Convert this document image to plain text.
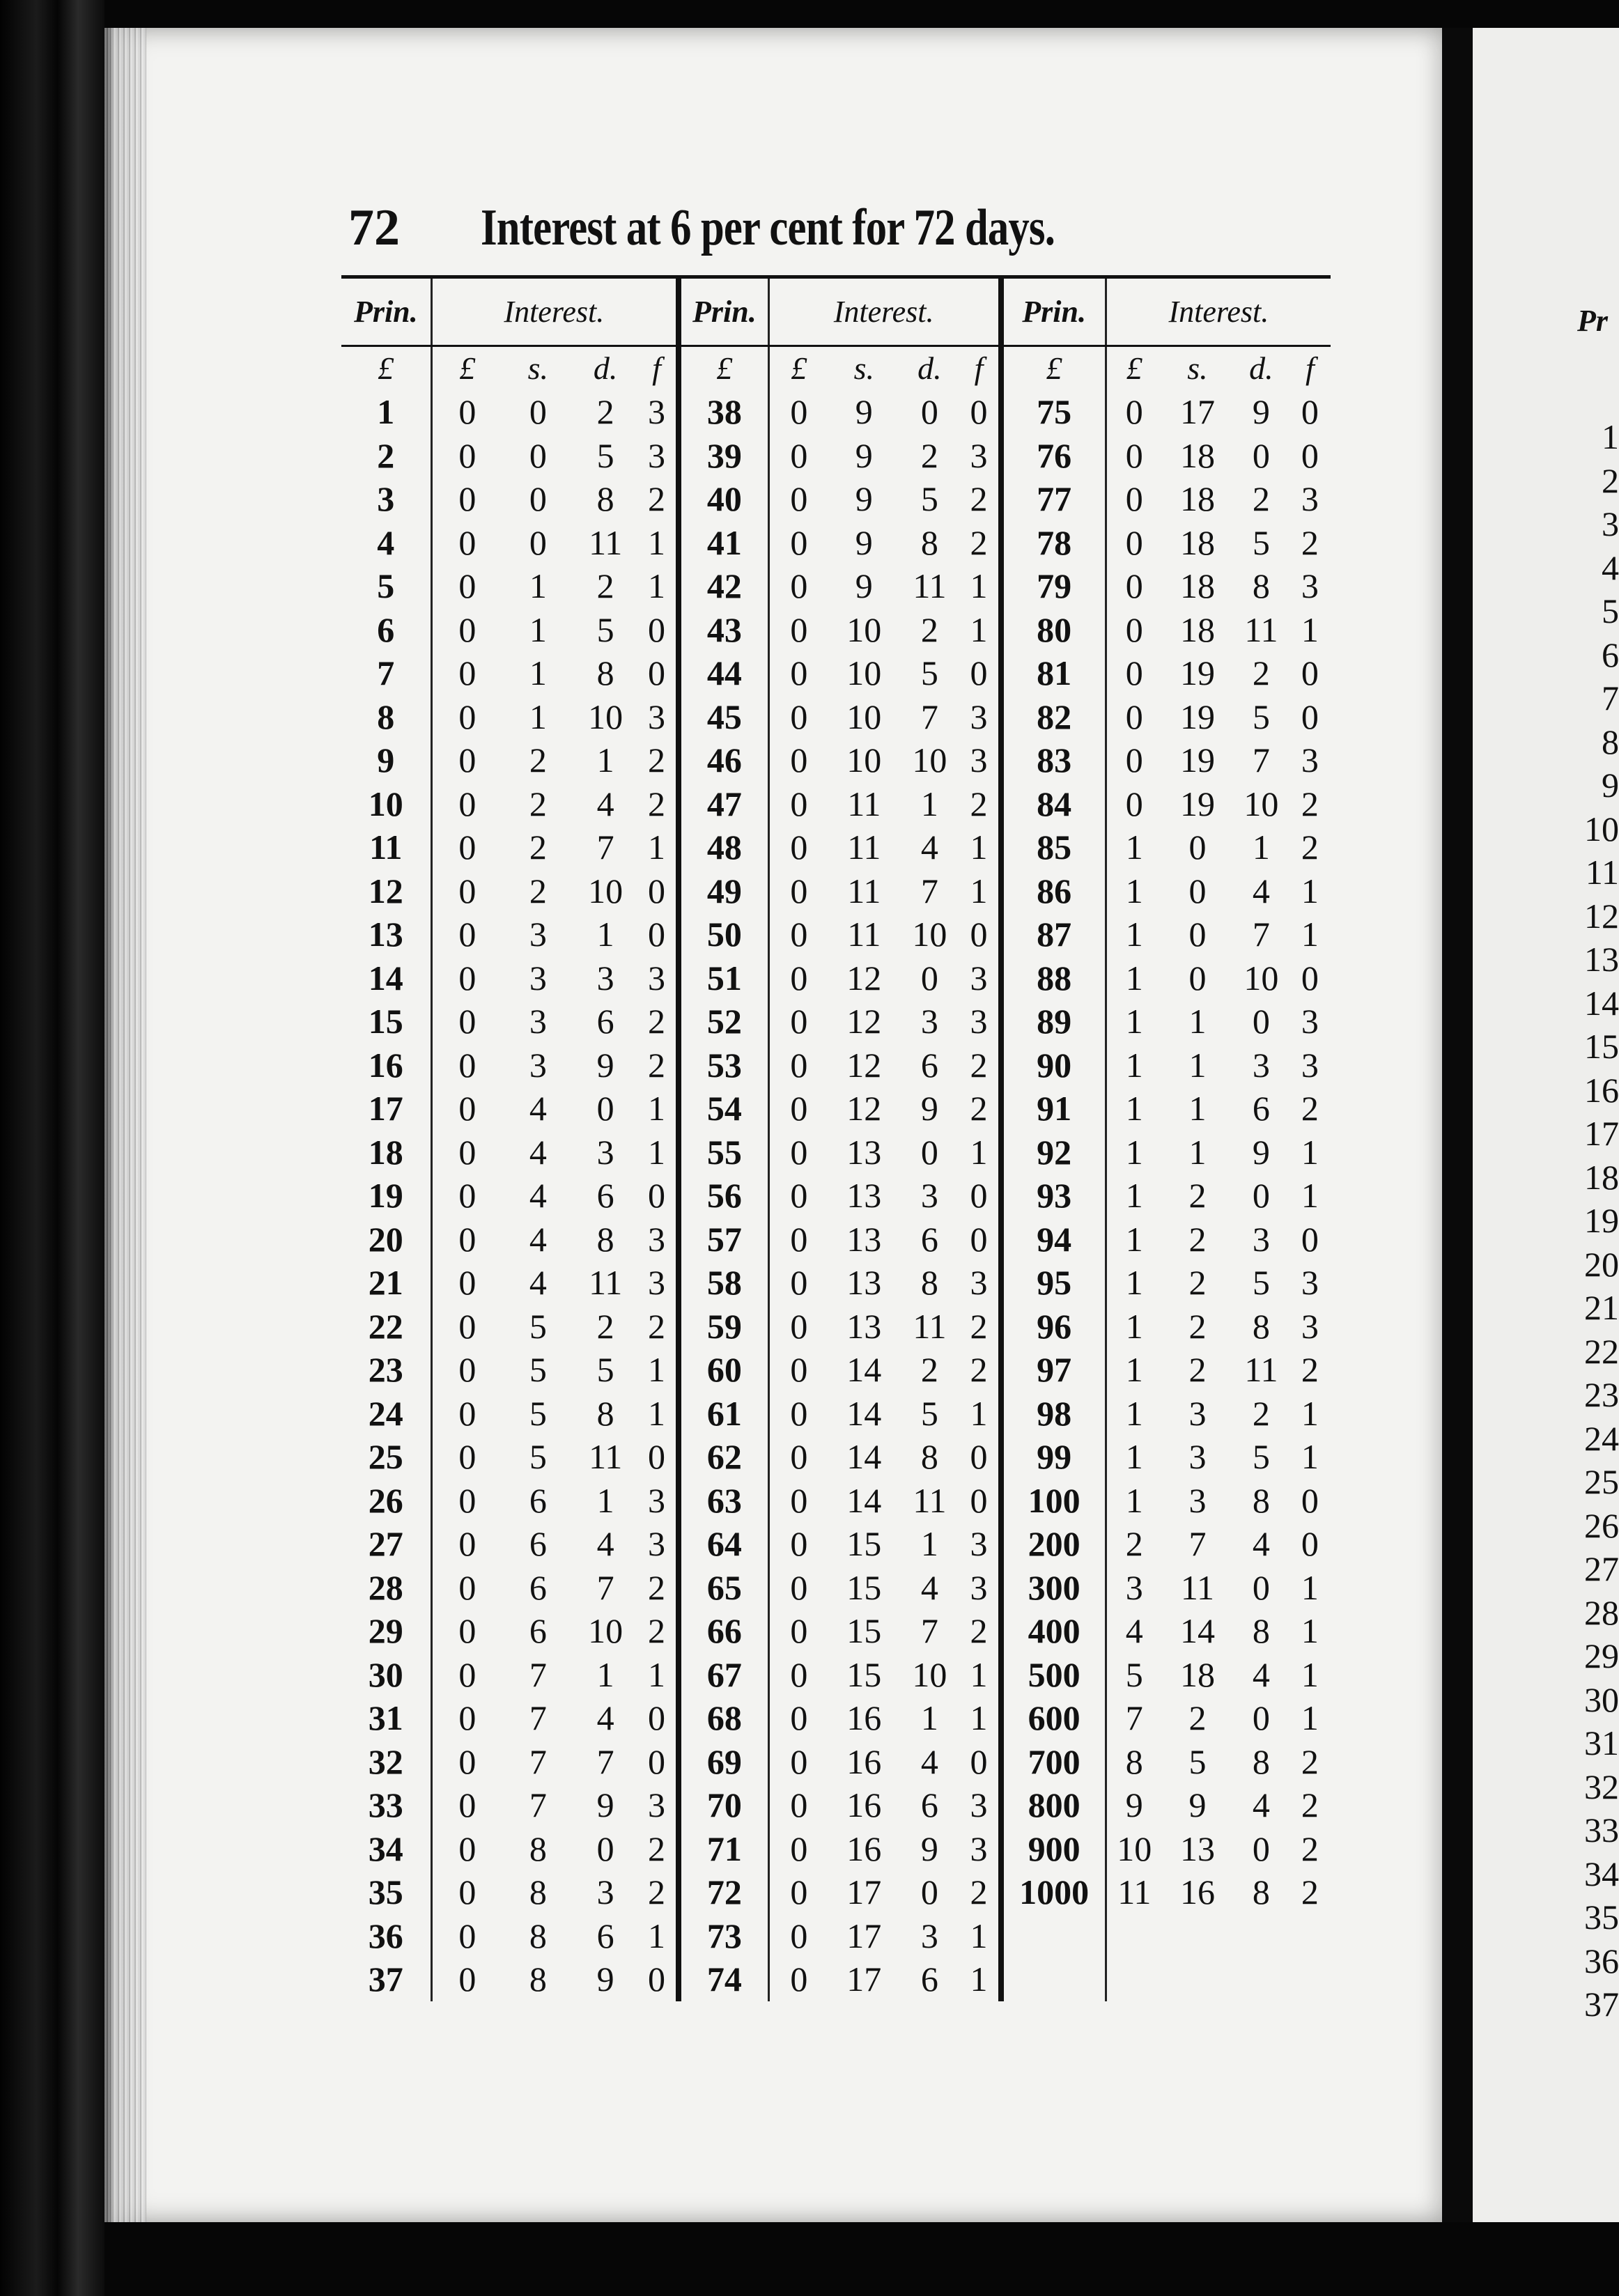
Pr
1
2
3
4
5
6
7
8
9
10
11
12
13
14
15
16
17
18
19
20
21
22
23
24
25
26
27
28
29
30
31
32
33
34
35
36
37
72 Interest at 6 per cent for 72 days.
Prin.	Interest.				Prin.	Interest.				Prin.	Interest.			
£	£	s.	d.	f	£	£	s.	d.	f	£	£	s.	d.	f
1	0	0	2	3	38	0	9	0	0	75	0	17	9	0
2	0	0	5	3	39	0	9	2	3	76	0	18	0	0
3	0	0	8	2	40	0	9	5	2	77	0	18	2	3
4	0	0	11	1	41	0	9	8	2	78	0	18	5	2
5	0	1	2	1	42	0	9	11	1	79	0	18	8	3
6	0	1	5	0	43	0	10	2	1	80	0	18	11	1
7	0	1	8	0	44	0	10	5	0	81	0	19	2	0
8	0	1	10	3	45	0	10	7	3	82	0	19	5	0
9	0	2	1	2	46	0	10	10	3	83	0	19	7	3
10	0	2	4	2	47	0	11	1	2	84	0	19	10	2
11	0	2	7	1	48	0	11	4	1	85	1	0	1	2
12	0	2	10	0	49	0	11	7	1	86	1	0	4	1
13	0	3	1	0	50	0	11	10	0	87	1	0	7	1
14	0	3	3	3	51	0	12	0	3	88	1	0	10	0
15	0	3	6	2	52	0	12	3	3	89	1	1	0	3
16	0	3	9	2	53	0	12	6	2	90	1	1	3	3
17	0	4	0	1	54	0	12	9	2	91	1	1	6	2
18	0	4	3	1	55	0	13	0	1	92	1	1	9	1
19	0	4	6	0	56	0	13	3	0	93	1	2	0	1
20	0	4	8	3	57	0	13	6	0	94	1	2	3	0
21	0	4	11	3	58	0	13	8	3	95	1	2	5	3
22	0	5	2	2	59	0	13	11	2	96	1	2	8	3
23	0	5	5	1	60	0	14	2	2	97	1	2	11	2
24	0	5	8	1	61	0	14	5	1	98	1	3	2	1
25	0	5	11	0	62	0	14	8	0	99	1	3	5	1
26	0	6	1	3	63	0	14	11	0	100	1	3	8	0
27	0	6	4	3	64	0	15	1	3	200	2	7	4	0
28	0	6	7	2	65	0	15	4	3	300	3	11	0	1
29	0	6	10	2	66	0	15	7	2	400	4	14	8	1
30	0	7	1	1	67	0	15	10	1	500	5	18	4	1
31	0	7	4	0	68	0	16	1	1	600	7	2	0	1
32	0	7	7	0	69	0	16	4	0	700	8	5	8	2
33	0	7	9	3	70	0	16	6	3	800	9	9	4	2
34	0	8	0	2	71	0	16	9	3	900	10	13	0	2
35	0	8	3	2	72	0	17	0	2	1000	11	16	8	2
36	0	8	6	1	73	0	17	3	1					
37	0	8	9	0	74	0	17	6	1					
